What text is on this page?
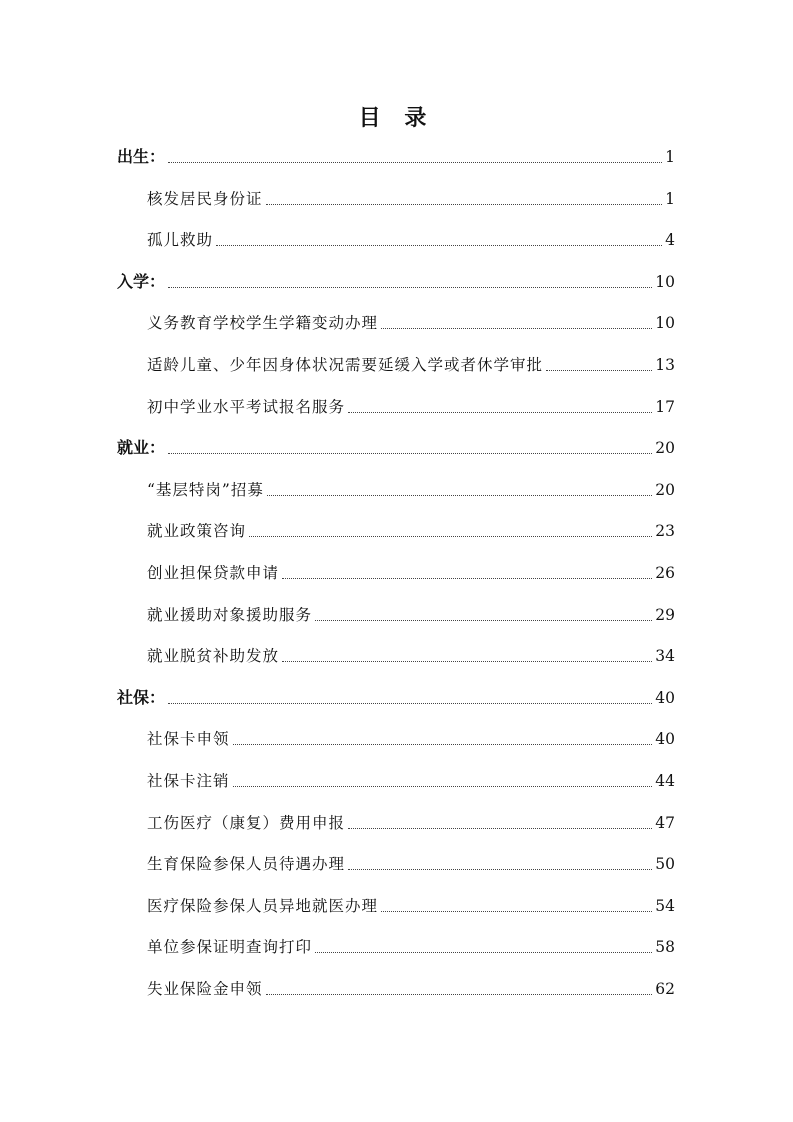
目 录
出生：	1
核发居民身份证	1
孤儿救助	4
入学：	10
义务教育学校学生学籍变动办理	10
适龄儿童、少年因身体状况需要延缓入学或者休学审批	13
初中学业水平考试报名服务	17
就业：	20
“基层特岗”招募	20
就业政策咨询	23
创业担保贷款申请	26
就业援助对象援助服务	29
就业脱贫补助发放	34
社保：	40
社保卡申领	40
社保卡注销	44
工伤医疗（康复）费用申报	47
生育保险参保人员待遇办理	50
医疗保险参保人员异地就医办理	54
单位参保证明查询打印	58
失业保险金申领	62
